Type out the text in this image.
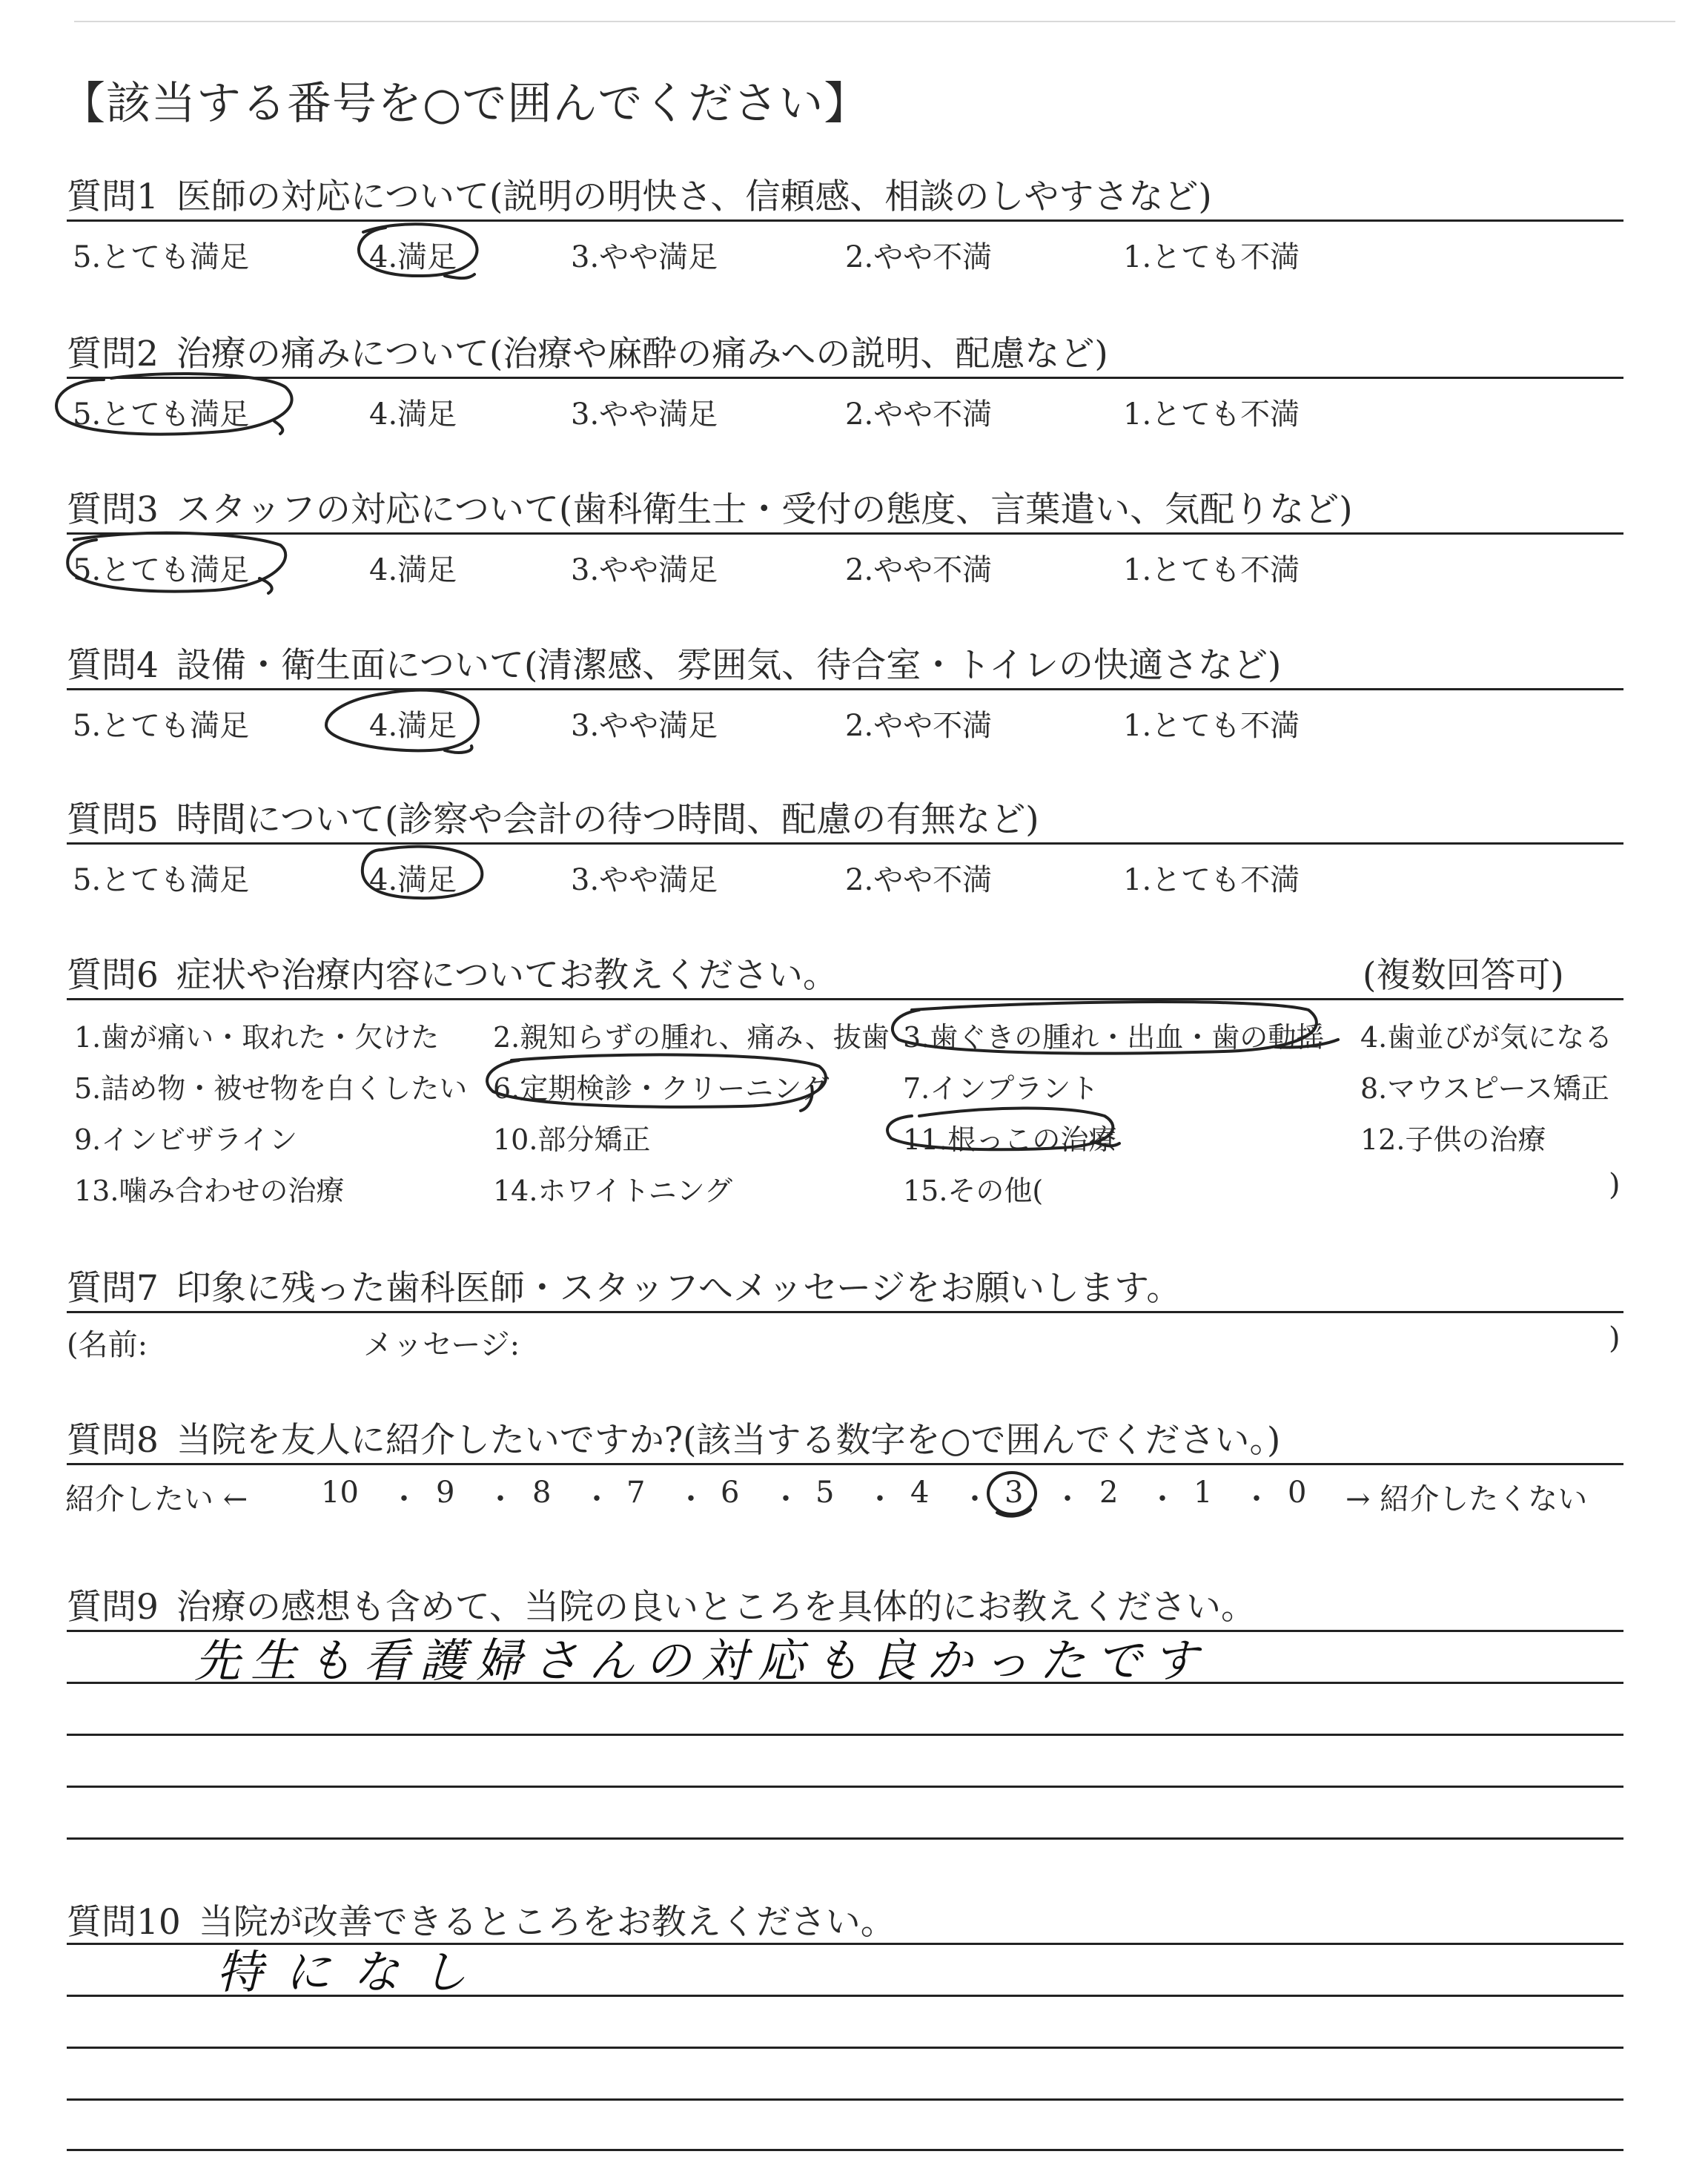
【該当する番号を○で囲んでください】
質問1 医師の対応について(説明の明快さ、信頼感、相談のしやすさなど)
5.とても満足	4.満足	3.やや満足	2.やや不満	1.とても不満
質問2 治療の痛みについて(治療や麻酔の痛みへの説明、配慮など)
5.とても満足	4.満足	3.やや満足	2.やや不満	1.とても不満
質問3 スタッフの対応について(歯科衛生士・受付の態度、言葉遣い、気配りなど)
5.とても満足	4.満足	3.やや満足	2.やや不満	1.とても不満
質問4 設備・衛生面について(清潔感、雰囲気、待合室・トイレの快適さなど)
5.とても満足	4.満足	3.やや満足	2.やや不満	1.とても不満
質問5 時間について(診察や会計の待つ時間、配慮の有無など)
5.とても満足	4.満足	3.やや満足	2.やや不満	1.とても不満
質問6 症状や治療内容についてお教えください。	(複数回答可)
1.歯が痛い・取れた・欠けた 2.親知らずの腫れ、痛み、抜歯 3.歯ぐきの腫れ・出血・歯の動揺 4.歯並びが気になる
5.詰め物・被せ物を白くしたい 6.定期検診・クリーニング	7.インプラント	8.マウスピース矯正
9.インビザライン	10.部分矯正	11.根っこの治療	12.子供の治療
13.噛み合わせの治療	14.ホワイトニング	15.その他(	)
質問7 印象に残った歯科医師・スタッフへメッセージをお願いします。
(名前:	メッセージ:	)
質問8 当院を友人に紹介したいですか?(該当する数字を○で囲んでください。)
紹介したい ←	→ 紹介したくない
10 ・ 9 ・ 8 ・ 7 ・ 6 ・ 5 ・ 4 ・ 3 ・ 2 ・ 1 ・ 0
質問9 治療の感想も含めて、当院の良いところを具体的にお教えください。
先生も看護婦さんの対応も良かったです
質問10 当院が改善できるところをお教えください。
特になし
